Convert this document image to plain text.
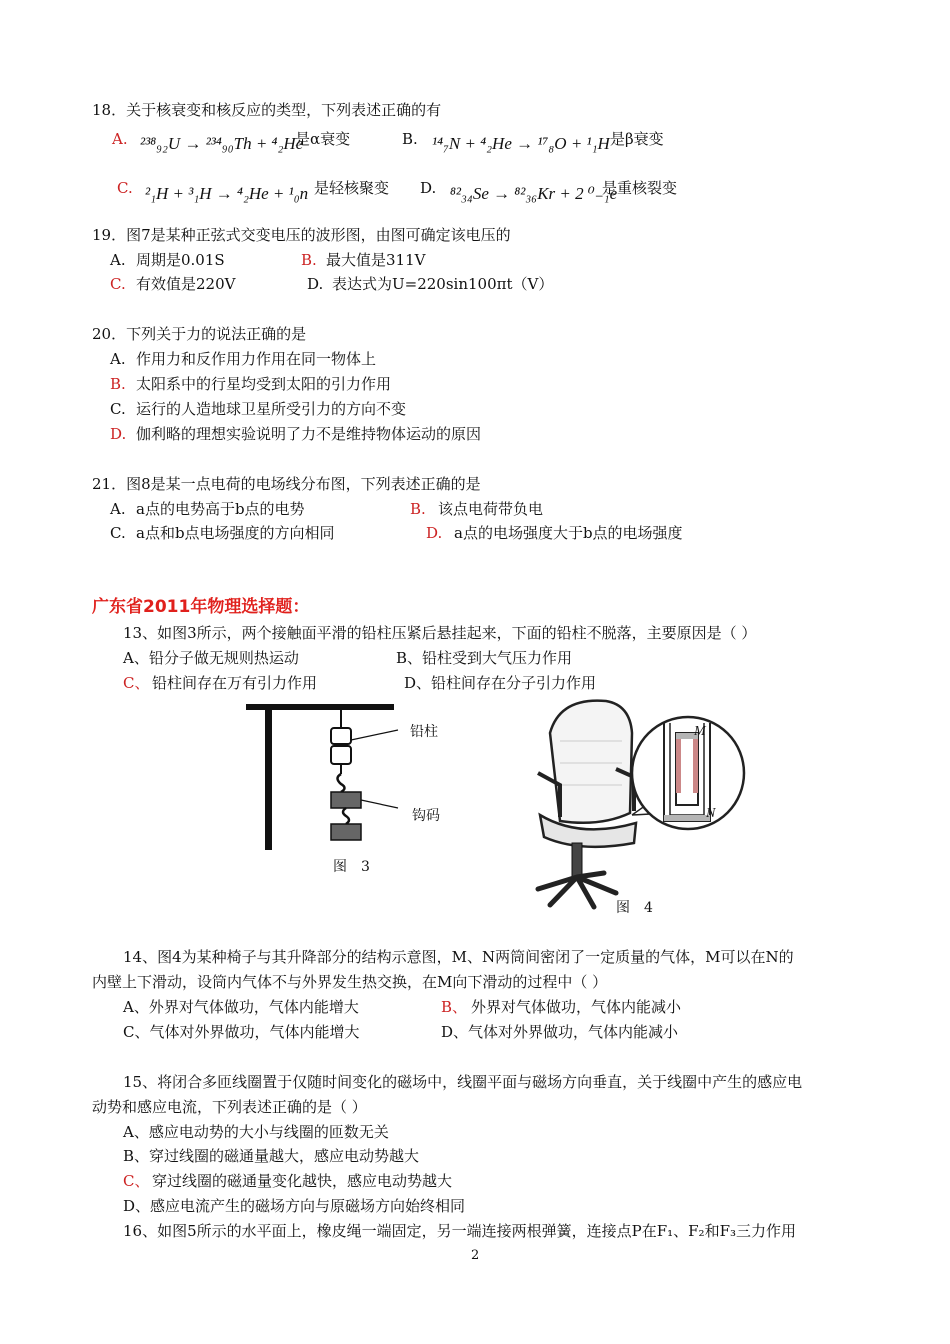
18．关于核衰变和核反应的类型，下列表述正确的有
A. ²³⁸₉₂U → ²³⁴₉₀Th + ⁴₂He
是α衰变	B. ¹⁴₇N + ⁴₂He → ¹⁷₈O + ¹₁H 是β衰变
C. ²₁H + ³₁H → ⁴₂He + ¹₀n 是轻核聚变 D. ⁸²₃₄Se → ⁸²₃₆Kr + 2 ⁰₋₁e
是重核裂变
19．图7是某种正弦式交变电压的波形图，由图可确定该电压的
A. 周期是0.01S	B. 最大值是311V
C. 有效值是220V	D. 表达式为U=220sin100πt（V）
20．下列关于力的说法正确的是
A. 作用力和反作用力作用在同一物体上
B. 太阳系中的行星均受到太阳的引力作用
C. 运行的人造地球卫星所受引力的方向不变
D. 伽利略的理想实验说明了力不是维持物体运动的原因
21．图8是某一点电荷的电场线分布图，下列表述正确的是
A. a点的电势高于b点的电势	B. 该点电荷带负电
C. a点和b点电场强度的方向相同	D. a点的电场强度大于b点的电场强度
广东省2011年物理选择题：
13、如图3所示，两个接触面平滑的铅柱压紧后悬挂起来，下面的铅柱不脱落，主要原因是（ ）
A、铅分子做无规则热运动	B、铅柱受到大气压力作用
C、 铅柱间存在万有引力作用	D、铅柱间存在分子引力作用
铅柱
钩码
图　3
M
N
图　4
14、图4为某种椅子与其升降部分的结构示意图，M、N两筒间密闭了一定质量的气体，M可以在N的
内壁上下滑动，设筒内气体不与外界发生热交换，在M向下滑动的过程中（ ）
A、外界对气体做功，气体内能增大	B、 外界对气体做功，气体内能减小
C、气体对外界做功，气体内能增大	D、气体对外界做功，气体内能减小
15、将闭合多匝线圈置于仅随时间变化的磁场中，线圈平面与磁场方向垂直，关于线圈中产生的感应电
动势和感应电流，下列表述正确的是（ ）
A、感应电动势的大小与线圈的匝数无关
B、穿过线圈的磁通量越大，感应电动势越大
C、 穿过线圈的磁通量变化越快，感应电动势越大
D、感应电流产生的磁场方向与原磁场方向始终相同
16、如图5所示的水平面上，橡皮绳一端固定，另一端连接两根弹簧，连接点P在F₁、F₂和F₃三力作用
2
